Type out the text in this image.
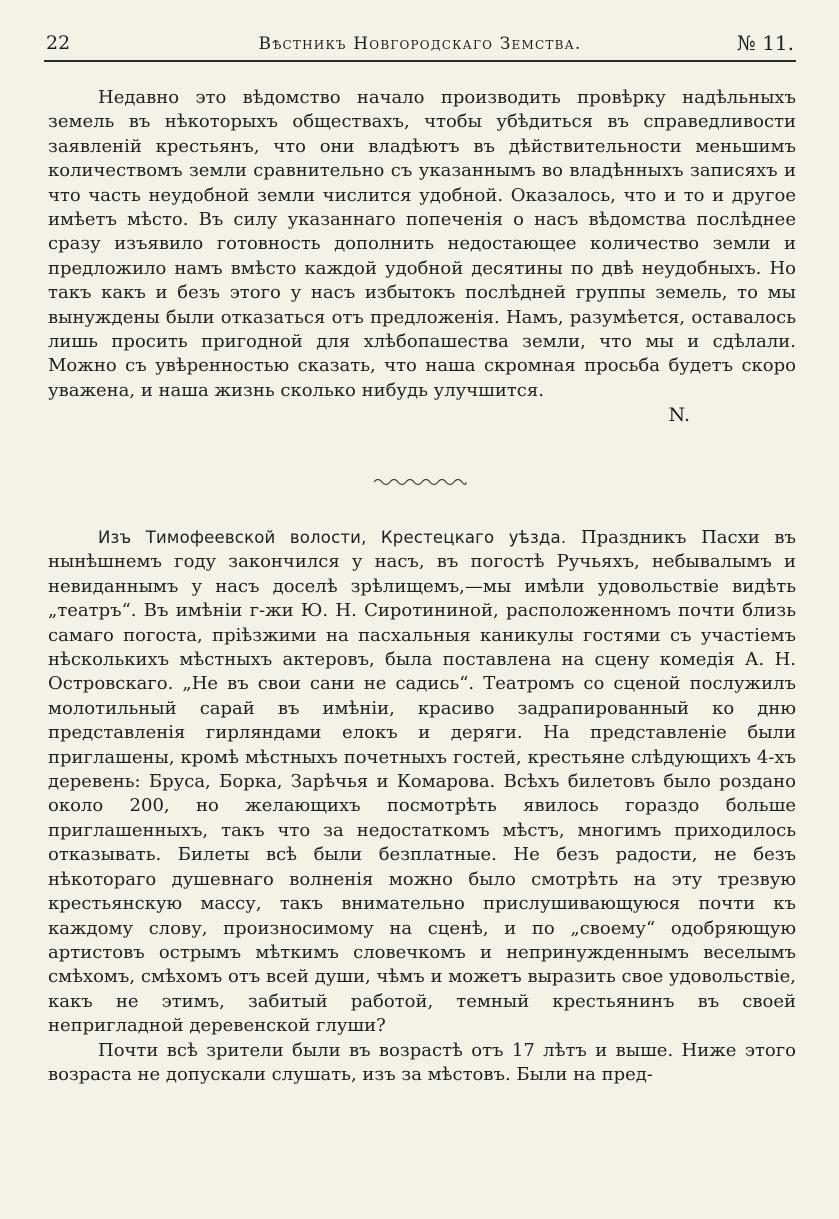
22	Вѣстникъ Новгородскаго Земства.	№ 11.

Недавно это вѣдомство начало производить провѣрку надѣльныхъ земель въ нѣкоторыхъ обществахъ, чтобы убѣдиться въ справедливости заявленій крестьянъ, что они владѣютъ въ дѣйствительности меньшимъ количествомъ земли сравнительно съ указаннымъ во владѣнныхъ записяхъ и что часть неудобной земли числится удобной. Оказалось, что и то и другое имѣетъ мѣсто. Въ силу указаннаго попеченія о насъ вѣдомства послѣднее сразу изъявило готовность дополнить недостающее количество земли и предложило намъ вмѣсто каждой удобной десятины по двѣ неудобныхъ. Но такъ какъ и безъ этого у насъ избытокъ послѣдней группы земель, то мы вынуждены были отказаться отъ предложенія. Намъ, разумѣется, оставалось лишь просить пригодной для хлѣбопашества земли, что мы и сдѣлали. Можно съ увѣренностью сказать, что наша скромная просьба будетъ скоро уважена, и наша жизнь сколько нибудь улучшится.

N.

Изъ Тимофеевской волости, Крестецкаго уѣзда. Праздникъ Пасхи въ нынѣшнемъ году закончился у насъ, въ погостѣ Ручьяхъ, небывалымъ и невиданнымъ у насъ доселѣ зрѣлищемъ,—мы имѣли удовольствіе видѣть „театръ“. Въ имѣніи г-жи Ю. Н. Сиротининой, расположенномъ почти близь самаго погоста, пріѣзжими на пасхальныя каникулы гостями съ участіемъ нѣсколькихъ мѣстныхъ актеровъ, была поставлена на сцену комедія А. Н. Островскаго. „Не въ свои сани не садись“. Театромъ со сценой послужилъ молотильный сарай въ имѣніи, красиво задрапированный ко дню представленія гирляндами елокъ и деряги. На представленіе были приглашены, кромѣ мѣстныхъ почетныхъ гостей, крестьяне слѣдующихъ 4-хъ деревень: Бруса, Борка, Зарѣчья и Комарова. Всѣхъ билетовъ было роздано около 200, но желающихъ посмотрѣть явилось гораздо больше приглашенныхъ, такъ что за недостаткомъ мѣстъ, многимъ приходилось отказывать. Билеты всѣ были безплатные. Не безъ радости, не безъ нѣкотораго душевнаго волненія можно было смотрѣть на эту трезвую крестьянскую массу, такъ внимательно прислушивающуюся почти къ каждому слову, произносимому на сценѣ, и по „своему“ одобряющую артистовъ острымъ мѣткимъ словечкомъ и непринужденнымъ веселымъ смѣхомъ, смѣхомъ отъ всей души, чѣмъ и можетъ выразить свое удовольствіе, какъ не этимъ, забитый работой, темный крестьянинъ въ своей непригладной деревенской глуши?

Почти всѣ зрители были въ возрастѣ отъ 17 лѣтъ и выше. Ниже этого возраста не допускали слушать, изъ за мѣстовъ. Были на пред-
